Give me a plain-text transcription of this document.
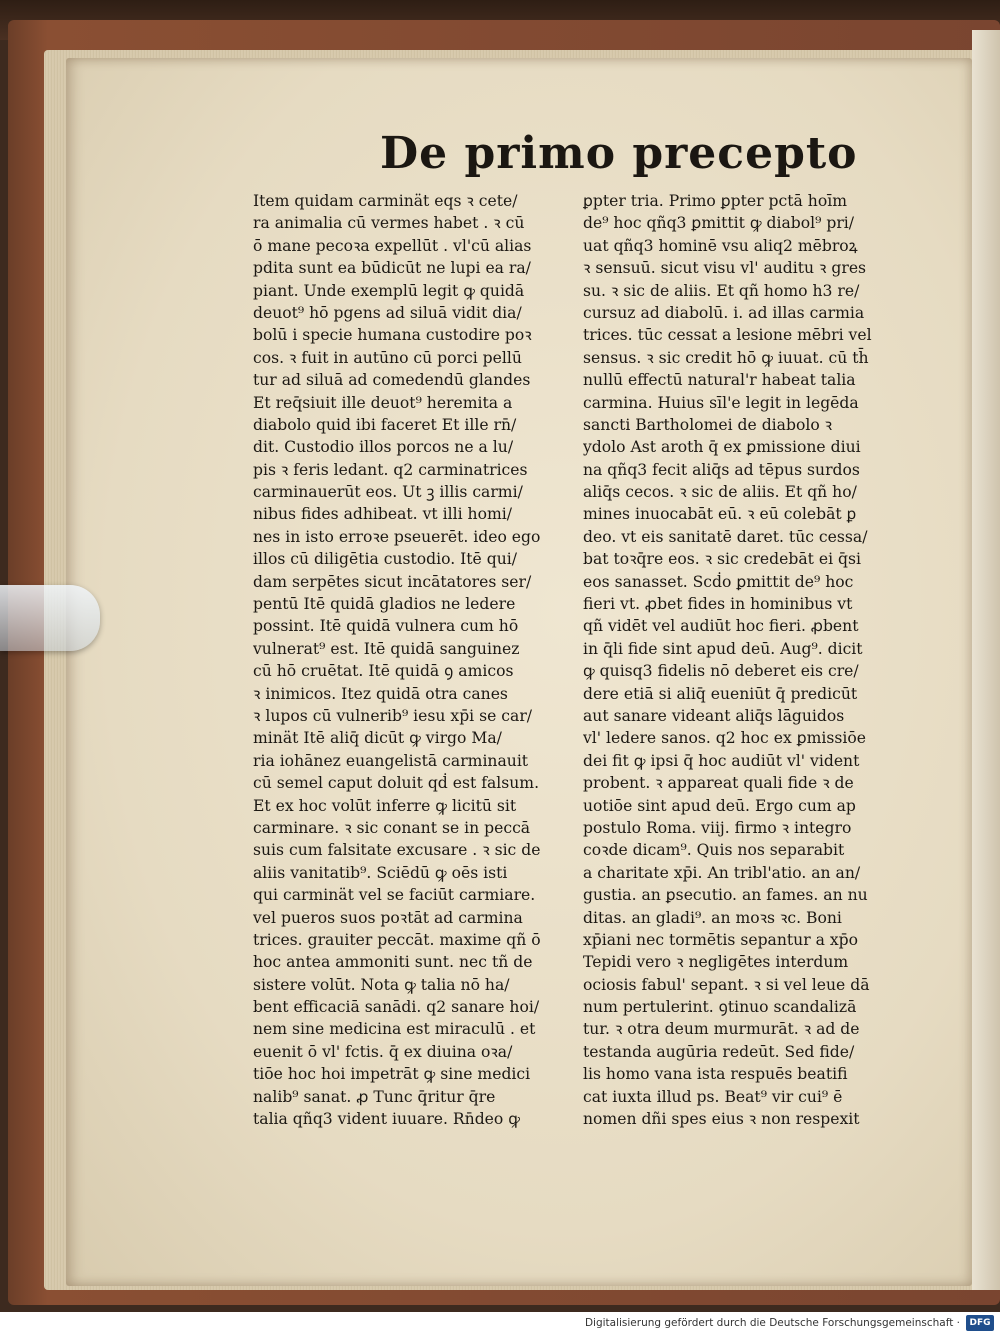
De primo precepto
Item quidam carminät eqs ꝛ cete/
ra animalia cū vermes habet . ꝛ cū
ō mane pecoꝛa expellūt . vl'cū alias
pdita sunt ea būdicūt ne lupi ea ra/
piant. Unde exemplū legit ꝙ quidā
deuot⁹ hō pgens ad siluā vidit dia/
bolū i specie humana custodire poꝛ
cos. ꝛ fuit in autūno cū porci pellū
tur ad siluā ad comedendū glandes
Et req̄siuit ille deuot⁹ heremita a
diabolo quid ibi faceret Et ille rn̄/
dit. Custodio illos porcos ne a lu/
pis ꝛ feris ledant. q2 carminatrices
carminauerūt eos. Ut ꝫ illis carmi/
nibus fides adhibeat. vt illi homi/
nes in isto erroꝛe pseuerēt. ideo ego
illos cū diligētia custodio. Itē qui/
dam serpētes sicut incātatores ser/
pentū Itē quidā gladios ne ledere
possint. Itē quidā vulnera cum hō
vulnerat⁹ est. Itē quidā sanguinez
cū hō cruētat. Itē quidā ꝯ amicos
ꝛ inimicos. Itez quidā otra canes
ꝛ lupos cū vulnerib⁹ iesu xp̄i se car/
minät Itē aliq̄ dicūt ꝙ virgo Ma/
ria iohānez euangelistā carminauit
cū semel caput doluit qḋ est falsum.
Et ex hoc volūt inferre ꝙ licitū sit
carminare. ꝛ sic conant se in peccā
suis cum falsitate excusare . ꝛ sic de
aliis vanitatib⁹. Sciēdū ꝙ oēs isti
qui carminät vel se faciūt carmiare.
vel pueros suos poꝛtāt ad carmina
trices. grauiter peccāt. maxime qñ ō
hoc antea ammoniti sunt. nec tñ de
sistere volūt. Nota ꝙ talia nō ha/
bent efficaciā sanādi. q2 sanare hoi/
nem sine medicina est miraculū . et
euenit ō vl' fctis. q̄ ex diuina oꝛa/
tiōe hoc hoi impetrāt ꝙ sine medici
nalib⁹ sanat. ꝓ Tunc q̄ritur q̄re
talia qñq3 vident iuuare. Rn̄deo ꝙ
ꝑpter tria. Primo ꝑpter pctā hoīm
de⁹ hoc qñq3 ꝑmittit ꝙ diabol⁹ pri/
uat qñq3 hominē vsu aliq2 mēbroꝝ
ꝛ sensuū. sicut visu vl' auditu ꝛ gres
su. ꝛ sic de aliis. Et qñ homo h3 re/
cursuz ad diabolū. i. ad illas carmia
trices. tūc cessat a lesione mēbri vel
sensus. ꝛ sic credit hō ꝙ iuuat. cū th̄
nullū effectū natural'r habeat talia
carmina. Huius sīl'e legit in legēda
sancti Bartholomei de diabolo ꝛ
ydolo Ast aroth q̄ ex ꝑmissione diui
na qñq3 fecit aliq̄s ad tēpus surdos
aliq̄s cecos. ꝛ sic de aliis. Et qñ ho/
mines inuocabāt eū. ꝛ eū colebāt ꝑ
deo. vt eis sanitatē daret. tūc cessa/
bat toꝛq̄re eos. ꝛ sic credebāt ei q̄si
eos sanasset. Scḋo ꝑmittit de⁹ hoc
fieri vt. ꝓbet fides in hominibus vt
qñ vidēt vel audiūt hoc fieri. ꝓbent
in q̄li fide sint apud deū. Aug⁹. dicit
ꝙ quisq3 fidelis nō deberet eis cre/
dere etiā si aliq̄ eueniūt q̄ predicūt
aut sanare videant aliq̄s lāguidos
vl' ledere sanos. q2 hoc ex ꝑmissiōe
dei fit ꝙ ipsi q̄ hoc audiūt vl' vident
probent. ꝛ appareat quali fide ꝛ de
uotiōe sint apud deū. Ergo cum ap
postulo Roma. viij. firmo ꝛ integro
coꝛde dicam⁹. Quis nos separabit
a charitate xp̄i. An tribl'atio. an an/
gustia. an ꝑsecutio. an fames. an nu
ditas. an gladi⁹. an moꝛs ꝛc. Boni
xp̄iani nec tormētis sepantur a xp̄o
Tepidi vero ꝛ negligētes interdum
ociosis fabul' sepant. ꝛ si vel leue dā
num pertulerint. ꝯtinuo scandalizā
tur. ꝛ otra deum murmurāt. ꝛ ad de
testanda augūria redeūt. Sed fide/
lis homo vana ista respuēs beatifi
cat iuxta illud ps. Beat⁹ vir cui⁹ ē
nomen dñi spes eius ꝛ non respexit
Digitalisierung gefördert durch die Deutsche Forschungsgemeinschaft ·	DFG
